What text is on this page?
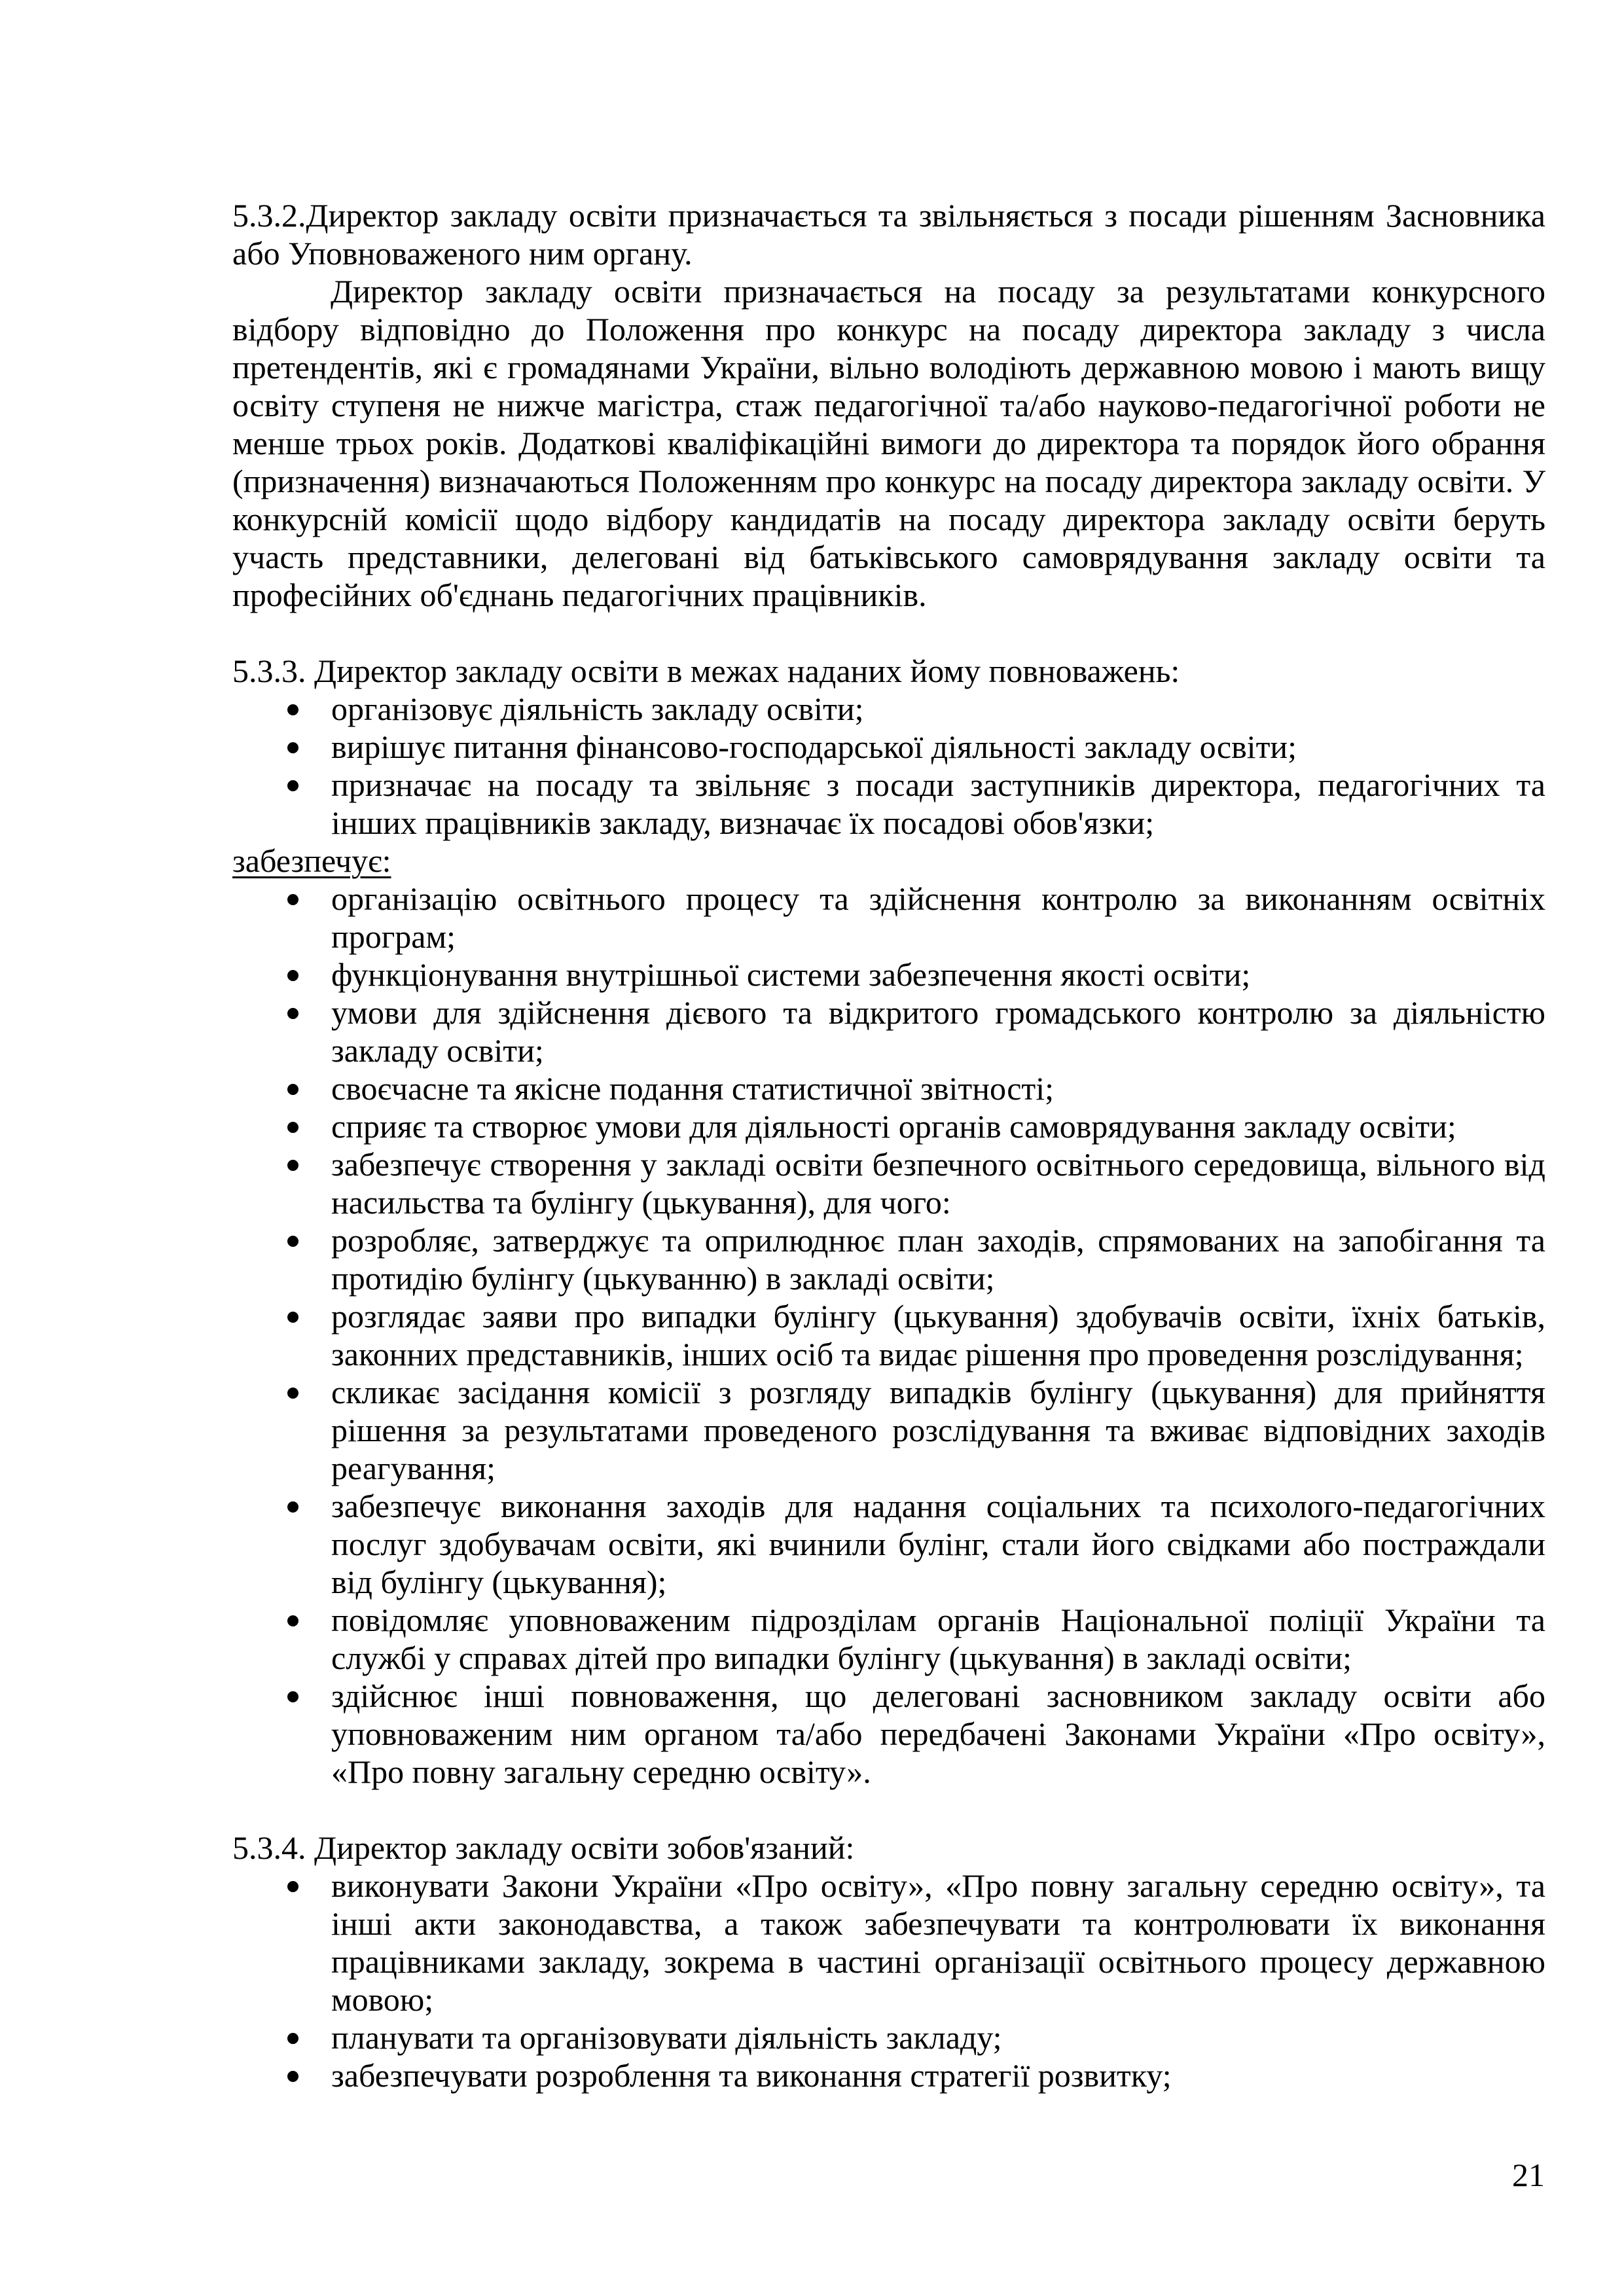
5.3.2.Директор закладу освіти призначається та звільняється з посади рішенням Засновника або Уповноваженого ним органу.

Директор закладу освіти призначається на посаду за результатами конкурсного відбору відповідно до Положення про конкурс на посаду директора закладу з числа претендентів, які є громадянами України, вільно володіють державною мовою і мають вищу освіту ступеня не нижче магістра, стаж педагогічної та/або науково-педагогічної роботи не менше трьох років. Додаткові кваліфікаційні вимоги до директора та порядок його обрання (призначення) визначаються Положенням про конкурс на посаду директора закладу освіти. У конкурсній комісії щодо відбору кандидатів на посаду директора закладу освіти беруть участь представники, делеговані від батьківського самоврядування закладу освіти та професійних об'єднань педагогічних працівників.

5.3.3. Директор закладу освіти в межах наданих йому повноважень:

організовує діяльність закладу освіти;
вирішує питання фінансово-господарської діяльності закладу освіти;
призначає на посаду та звільняє з посади заступників директора, педагогічних та інших працівників закладу, визначає їх посадові обов'язки;

забезпечує:

організацію освітнього процесу та здійснення контролю за виконанням освітніх програм;
функціонування внутрішньої системи забезпечення якості освіти;
умови для здійснення дієвого та відкритого громадського контролю за діяльністю закладу освіти;
своєчасне та якісне подання статистичної звітності;
сприяє та створює умови для діяльності органів самоврядування закладу освіти;
забезпечує створення у закладі освіти безпечного освітнього середовища, вільного від насильства та булінгу (цькування), для чого:
розробляє, затверджує та оприлюднює план заходів, спрямованих на запобігання та протидію булінгу (цькуванню) в закладі освіти;
розглядає заяви про випадки булінгу (цькування) здобувачів освіти, їхніх батьків, законних представників, інших осіб та видає рішення про проведення розслідування;
скликає засідання комісії з розгляду випадків булінгу (цькування) для прийняття рішення за результатами проведеного розслідування та вживає відповідних заходів реагування;
забезпечує виконання заходів для надання соціальних та психолого-педагогічних послуг здобувачам освіти, які вчинили булінг, стали його свідками або постраждали від булінгу (цькування);
повідомляє уповноваженим підрозділам органів Національної поліції України та службі у справах дітей про випадки булінгу (цькування) в закладі освіти;
здійснює інші повноваження, що делеговані засновником закладу освіти або уповноваженим ним органом та/або передбачені Законами України «Про освіту», «Про повну загальну середню освіту».

5.3.4. Директор закладу освіти зобов'язаний:

виконувати Закони України «Про освіту», «Про повну загальну середню освіту», та інші акти законодавства, а також забезпечувати та контролювати їх виконання працівниками закладу, зокрема в частині організації освітнього процесу державною мовою;
планувати та організовувати діяльність закладу;
забезпечувати розроблення та виконання стратегії розвитку;
21
